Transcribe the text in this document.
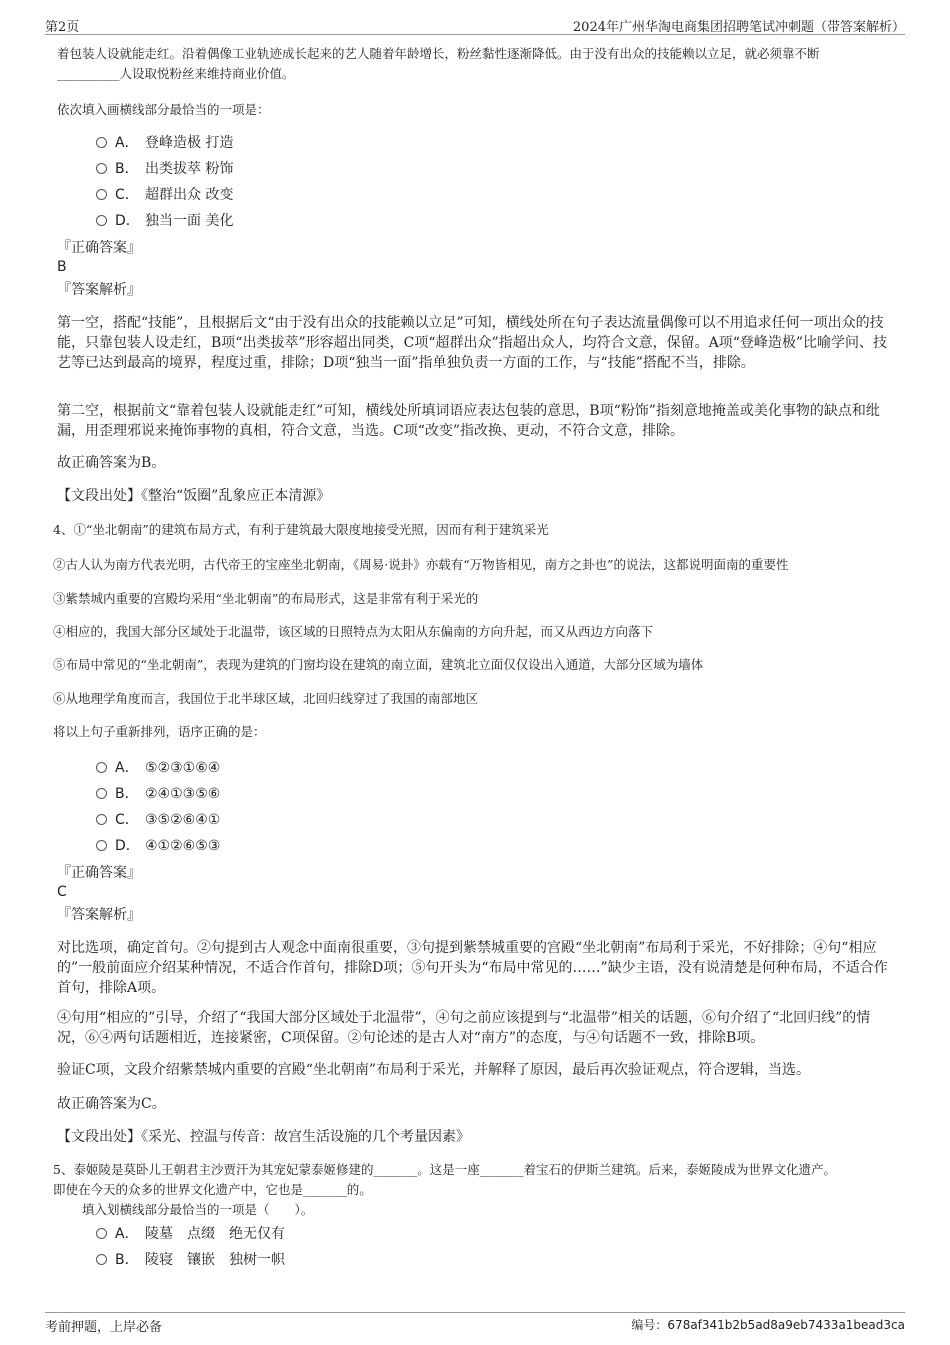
第2页	2024年广州华淘电商集团招聘笔试冲刺题（带答案解析）
着包装人设就能走红。沿着偶像工业轨迹成长起来的艺人随着年龄增长，粉丝黏性逐渐降低。由于没有出众的技能赖以立足，就必须靠不断
__________人设取悦粉丝来维持商业价值。
依次填入画横线部分最恰当的一项是：
A． 登峰造极 打造
B． 出类拔萃 粉饰
C． 超群出众 改变
D． 独当一面 美化
『正确答案』
B
『答案解析』
第一空，搭配“技能”，且根据后文“由于没有出众的技能赖以立足”可知，横线处所在句子表达流量偶像可以不用追求任何一项出众的技能，只靠包装人设走红，B项“出类拔萃”形容超出同类，C项“超群出众”指超出众人，均符合文意，保留。A项“登峰造极”比喻学问、技艺等已达到最高的境界，程度过重，排除；D项“独当一面”指单独负责一方面的工作，与“技能”搭配不当，排除。
第二空，根据前文“靠着包装人设就能走红”可知，横线处所填词语应表达包装的意思，B项“粉饰”指刻意地掩盖或美化事物的缺点和纰漏，用歪理邪说来掩饰事物的真相，符合文意，当选。C项“改变”指改换、更动，不符合文意，排除。
故正确答案为B。
【文段出处】《整治“饭圈”乱象应正本清源》
4、①“坐北朝南”的建筑布局方式，有利于建筑最大限度地接受光照，因而有利于建筑采光
②古人认为南方代表光明，古代帝王的宝座坐北朝南，《周易·说卦》亦载有“万物皆相见，南方之卦也”的说法，这都说明面南的重要性
③紫禁城内重要的宫殿均采用“坐北朝南”的布局形式，这是非常有利于采光的
④相应的，我国大部分区域处于北温带，该区域的日照特点为太阳从东偏南的方向升起，而又从西边方向落下
⑤布局中常见的“坐北朝南”，表现为建筑的门窗均设在建筑的南立面，建筑北立面仅仅设出入通道，大部分区域为墙体
⑥从地理学角度而言，我国位于北半球区域，北回归线穿过了我国的南部地区
将以上句子重新排列，语序正确的是：
A． ⑤②③①⑥④
B． ②④①③⑤⑥
C． ③⑤②⑥④①
D． ④①②⑥⑤③
『正确答案』
C
『答案解析』
对比选项，确定首句。②句提到古人观念中面南很重要，③句提到紫禁城重要的宫殿“坐北朝南”布局利于采光，不好排除；④句“相应的”一般前面应介绍某种情况，不适合作首句，排除D项；⑤句开头为“布局中常见的……”缺少主语，没有说清楚是何种布局，不适合作首句，排除A项。
④句用“相应的”引导，介绍了“我国大部分区域处于北温带”，④句之前应该提到与“北温带”相关的话题，⑥句介绍了“北回归线”的情况，⑥④两句话题相近，连接紧密，C项保留。②句论述的是古人对“南方”的态度，与④句话题不一致，排除B项。
验证C项，文段介绍紫禁城内重要的宫殿“坐北朝南”布局利于采光，并解释了原因，最后再次验证观点，符合逻辑，当选。
故正确答案为C。
【文段出处】《采光、控温与传音：故宫生活设施的几个考量因素》
5、泰姬陵是莫卧儿王朝君主沙贾汗为其宠妃蒙泰姬修建的_______。这是一座_______着宝石的伊斯兰建筑。后来，泰姬陵成为世界文化遗产。
即使在今天的众多的世界文化遗产中，它也是_______的。
填入划横线部分最恰当的一项是（　　）。
A． 陵墓　点缀　绝无仅有
B． 陵寝　镶嵌　独树一帜
考前押题，上岸必备	编号：678af341b2b5ad8a9eb7433a1bead3ca
